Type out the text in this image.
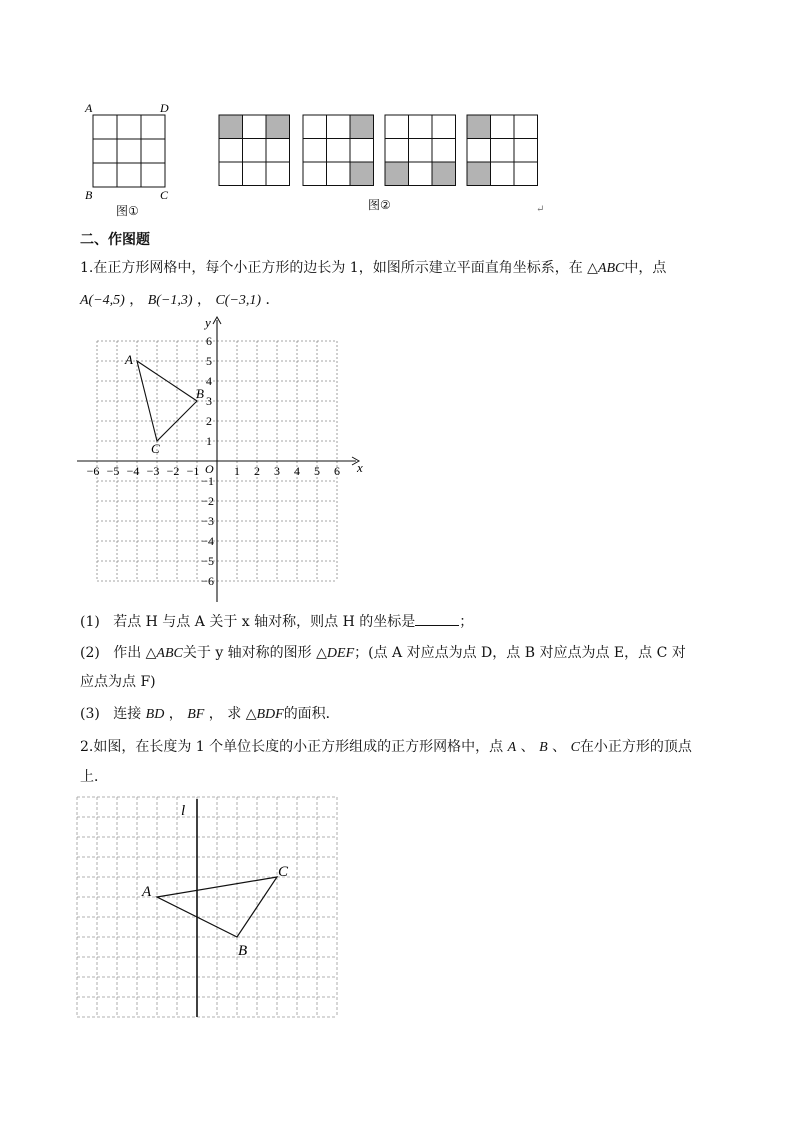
A	D
B	C
图①	图②	↵
二、作图题
1.在正方形网格中，每个小正方形的边长为 1，如图所示建立平面直角坐标系，在 △ABC中，点
A(−4,5) ， B(−1,3) ， C(−3,1) ．
−6 −5 −4 −3 −2 −1	1 2 3 4 5 6
6
5
4
3
2
1
−1
−2
−3
−4
−5
−6
A
B
C
x
y
O
(1) 若点 H 与点 A 关于 x 轴对称，则点 H 的坐标是	；
(2) 作出 △ABC关于 y 轴对称的图形 △DEF；(点 A 对应点为点 D，点 B 对应点为点 E，点 C 对
应点为点 F)
(3) 连接 BD ， BF ， 求 △BDF的面积．
2.如图，在长度为 1 个单位长度的小正方形组成的正方形网格中，点 A 、 B 、 C在小正方形的顶点
上．
l
A
B
C
